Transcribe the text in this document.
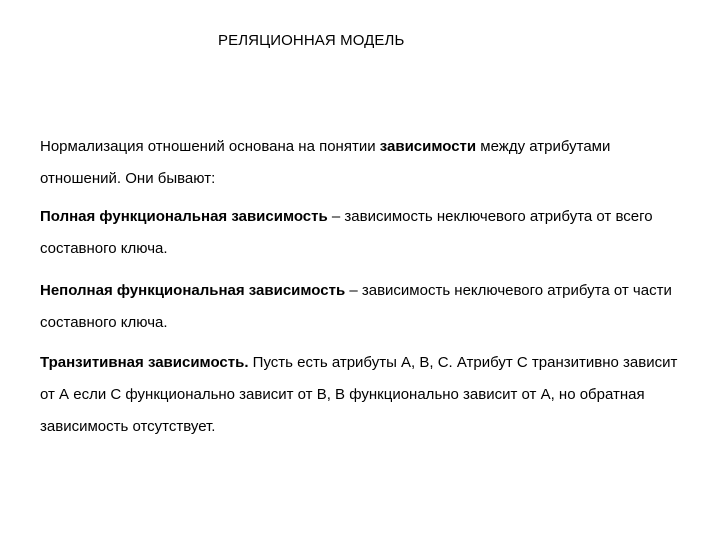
РЕЛЯЦИОННАЯ МОДЕЛЬ

Нормализация отношений основана на понятии зависимости между атрибутами отношений. Они бывают:

Полная функциональная зависимость – зависимость неключевого атрибута от всего составного ключа.

Неполная функциональная зависимость – зависимость неключевого атрибута от части составного ключа.

Транзитивная зависимость. Пусть есть атрибуты А, В, С. Атрибут С транзитивно зависит от А если С функционально зависит от В, В функционально зависит от А, но обратная зависимость отсутствует.
